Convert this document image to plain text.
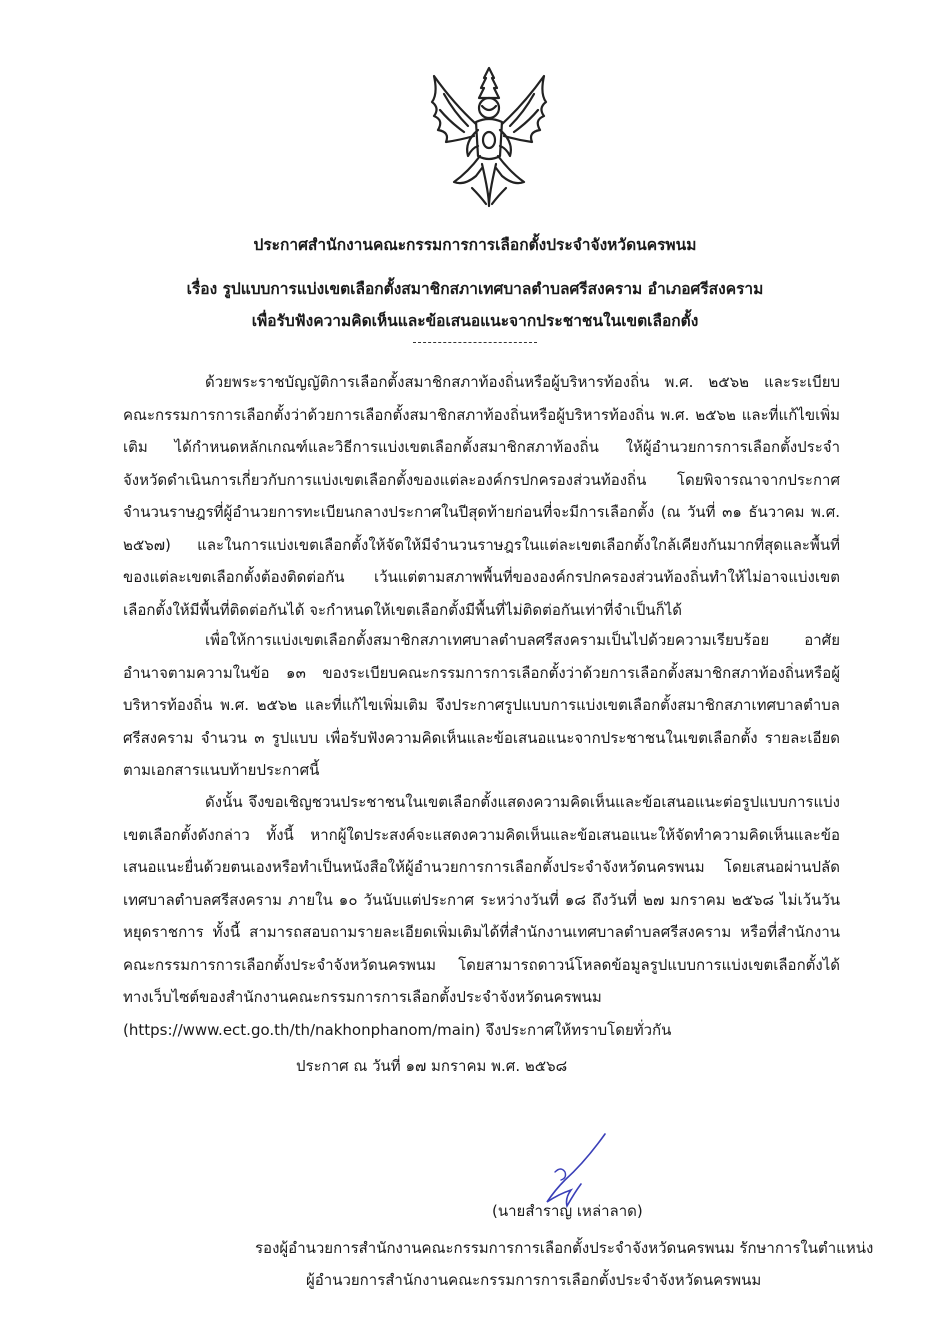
ประกาศสำนักงานคณะกรรมการการเลือกตั้งประจำจังหวัดนครพนม
เรื่อง รูปแบบการแบ่งเขตเลือกตั้งสมาชิกสภาเทศบาลตำบลศรีสงคราม อำเภอศรีสงคราม
เพื่อรับฟังความคิดเห็นและข้อเสนอแนะจากประชาชนในเขตเลือกตั้ง
ด้วยพระราชบัญญัติการเลือกตั้งสมาชิกสภาท้องถิ่นหรือผู้บริหารท้องถิ่น พ.ศ. ๒๕๖๒ และระเบียบคณะกรรมการการเลือกตั้งว่าด้วยการเลือกตั้งสมาชิกสภาท้องถิ่นหรือผู้บริหารท้องถิ่น พ.ศ. ๒๕๖๒ และที่แก้ไขเพิ่มเติม ได้กำหนดหลักเกณฑ์และวิธีการแบ่งเขตเลือกตั้งสมาชิกสภาท้องถิ่น ให้ผู้อำนวยการการเลือกตั้งประจำจังหวัดดำเนินการเกี่ยวกับการแบ่งเขตเลือกตั้งของแต่ละองค์กรปกครองส่วนท้องถิ่น โดยพิจารณาจากประกาศจำนวนราษฎรที่ผู้อำนวยการทะเบียนกลางประกาศในปีสุดท้ายก่อนที่จะมีการเลือกตั้ง (ณ วันที่ ๓๑ ธันวาคม พ.ศ. ๒๕๖๗) และในการแบ่งเขตเลือกตั้งให้จัดให้มีจำนวนราษฎรในแต่ละเขตเลือกตั้งใกล้เคียงกันมากที่สุดและพื้นที่ของแต่ละเขตเลือกตั้งต้องติดต่อกัน เว้นแต่ตามสภาพพื้นที่ขององค์กรปกครองส่วนท้องถิ่นทำให้ไม่อาจแบ่งเขตเลือกตั้งให้มีพื้นที่ติดต่อกันได้ จะกำหนดให้เขตเลือกตั้งมีพื้นที่ไม่ติดต่อกันเท่าที่จำเป็นก็ได้
เพื่อให้การแบ่งเขตเลือกตั้งสมาชิกสภาเทศบาลตำบลศรีสงครามเป็นไปด้วยความเรียบร้อย อาศัยอำนาจตามความในข้อ ๑๓ ของระเบียบคณะกรรมการการเลือกตั้งว่าด้วยการเลือกตั้งสมาชิกสภาท้องถิ่นหรือผู้บริหารท้องถิ่น พ.ศ. ๒๕๖๒ และที่แก้ไขเพิ่มเติม จึงประกาศรูปแบบการแบ่งเขตเลือกตั้งสมาชิกสภาเทศบาลตำบลศรีสงคราม จำนวน ๓ รูปแบบ เพื่อรับฟังความคิดเห็นและข้อเสนอแนะจากประชาชนในเขตเลือกตั้ง รายละเอียดตามเอกสารแนบท้ายประกาศนี้
ดังนั้น จึงขอเชิญชวนประชาชนในเขตเลือกตั้งแสดงความคิดเห็นและข้อเสนอแนะต่อรูปแบบการแบ่งเขตเลือกตั้งดังกล่าว ทั้งนี้ หากผู้ใดประสงค์จะแสดงความคิดเห็นและข้อเสนอแนะให้จัดทำความคิดเห็นและข้อเสนอแนะยื่นด้วยตนเองหรือทำเป็นหนังสือให้ผู้อำนวยการการเลือกตั้งประจำจังหวัดนครพนม โดยเสนอผ่านปลัดเทศบาลตำบลศรีสงคราม ภายใน ๑๐ วันนับแต่ประกาศ ระหว่างวันที่ ๑๘ ถึงวันที่ ๒๗ มกราคม ๒๕๖๘ ไม่เว้นวันหยุดราชการ ทั้งนี้ สามารถสอบถามรายละเอียดเพิ่มเติมได้ที่สำนักงานเทศบาลตำบลศรีสงคราม หรือที่สำนักงานคณะกรรมการการเลือกตั้งประจำจังหวัดนครพนม โดยสามารถดาวน์โหลดข้อมูลรูปแบบการแบ่งเขตเลือกตั้งได้ทางเว็บไซต์ของสำนักงานคณะกรรมการการเลือกตั้งประจำจังหวัดนครพนม (https://www.ect.go.th/th/nakhonphanom/main) จึงประกาศให้ทราบโดยทั่วกัน
ประกาศ ณ วันที่ ๑๗ มกราคม พ.ศ. ๒๕๖๘
(นายสำราญ เหล่าลาด)
รองผู้อำนวยการสำนักงานคณะกรรมการการเลือกตั้งประจำจังหวัดนครพนม รักษาการในตำแหน่ง
ผู้อำนวยการสำนักงานคณะกรรมการการเลือกตั้งประจำจังหวัดนครพนม
